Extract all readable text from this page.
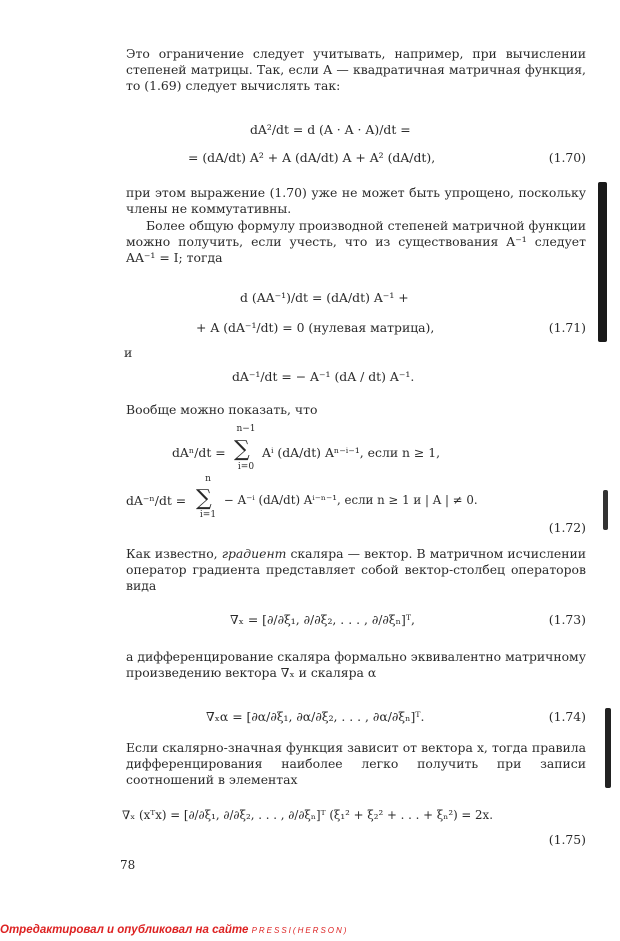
Это ограничение следует учитывать, например, при вычислении степеней матрицы. Так, если A — квадратичная матричная функция, то (1.69) следует вычислять так:

dA²/dt = d (A · A · A)/dt =
= (dA/dt) A² + A (dA/dt) A + A² (dA/dt),	(1.70)

при этом выражение (1.70) уже не может быть упрощено, поскольку члены не коммутативны.

Более общую формулу производной степеней матричной функции можно получить, если учесть, что из существования A⁻¹ следует AA⁻¹ = I; тогда

d (AA⁻¹)/dt = (dA/dt) A⁻¹ +
+ A (dA⁻¹/dt) = 0 (нулевая матрица),	(1.71)
и
dA⁻¹/dt = − A⁻¹ (dA / dt) A⁻¹.

Вообще можно показать, что

dAⁿ/dt =
n−1
∑
i=0
Aⁱ (dA/dt) Aⁿ⁻ⁱ⁻¹, если n ≥ 1,
dA⁻ⁿ/dt =
n
∑
i=1
− A⁻ⁱ (dA/dt) Aⁱ⁻ⁿ⁻¹, если n ≥ 1 и | A | ≠ 0.
(1.72)

Как известно, градиент скаляра — вектор. В матричном исчислении оператор градиента представляет собой вектор-столбец операторов вида

∇ₓ = [∂/∂ξ₁, ∂/∂ξ₂, . . . , ∂/∂ξₙ]ᵀ,	(1.73)

а дифференцирование скаляра формально эквивалентно матричному произведению вектора ∇ₓ и скаляра α

∇ₓα = [∂α/∂ξ₁, ∂α/∂ξ₂, . . . , ∂α/∂ξₙ]ᵀ.	(1.74)

Если скалярно-значная функция зависит от вектора x, тогда правила дифференцирования наиболее легко получить при записи соотношений в элементах

∇ₓ (xᵀx) = [∂/∂ξ₁, ∂/∂ξ₂, . . . , ∂/∂ξₙ]ᵀ (ξ₁² + ξ₂² + . . . + ξₙ²) = 2x.
(1.75)
78
Отредактировал и опубликовал на сайте PRESSI(HERSON)
